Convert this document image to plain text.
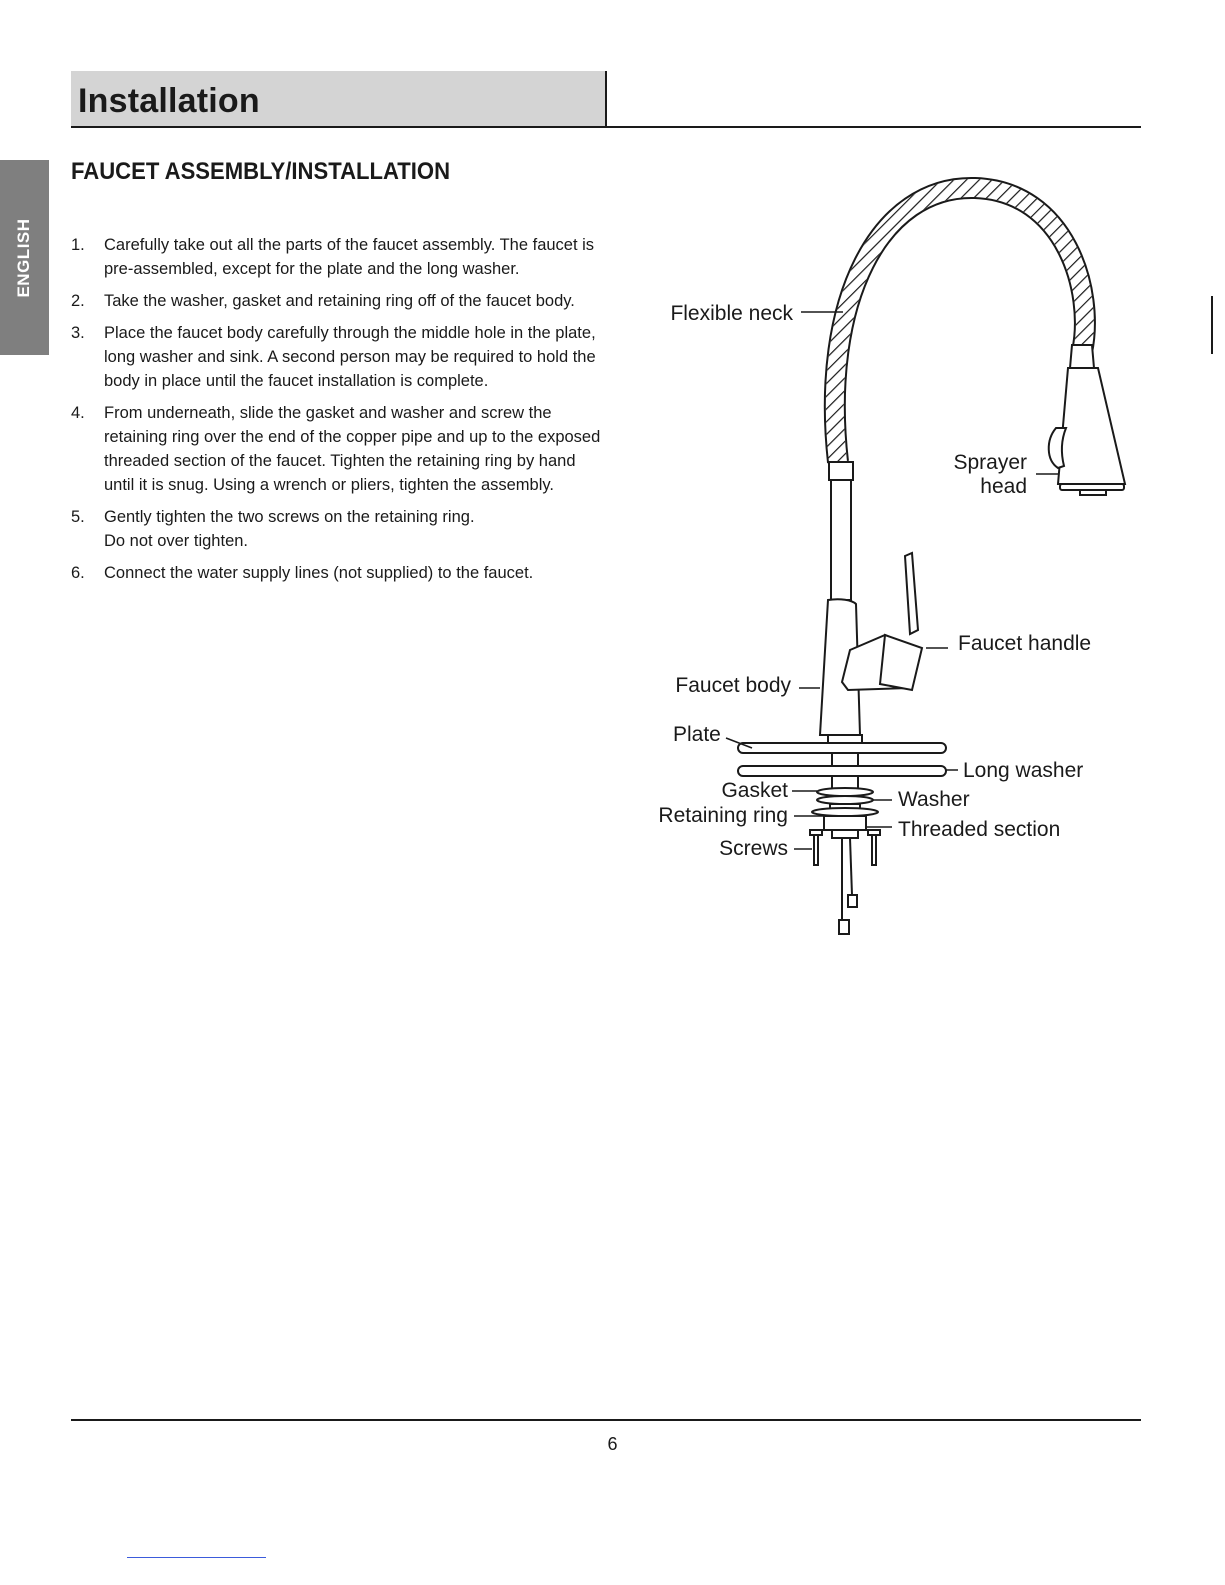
Installation
ENGLISH
FAUCET ASSEMBLY/INSTALLATION
1. Carefully take out all the parts of the faucet assembly. The faucet is
pre-assembled, except for the plate and the long washer.
2. Take the washer, gasket and retaining ring off of the faucet body.
3. Place the faucet body carefully through the middle hole in the plate,
long washer and sink. A second person may be required to hold the
body in place until the faucet installation is complete.
4. From underneath, slide the gasket and washer and screw the
retaining ring over the end of the copper pipe and up to the exposed
threaded section of the faucet. Tighten the retaining ring by hand
until it is snug. Using a wrench or pliers, tighten the assembly.
5. Gently tighten the two screws on the retaining ring.
Do not over tighten.
6. Connect the water supply lines (not supplied) to the faucet.
Flexible neck
Sprayer
head
Faucet handle
Faucet body
Plate
Long washer
Gasket	Washer
Retaining ring
Threaded section
Screws
6
